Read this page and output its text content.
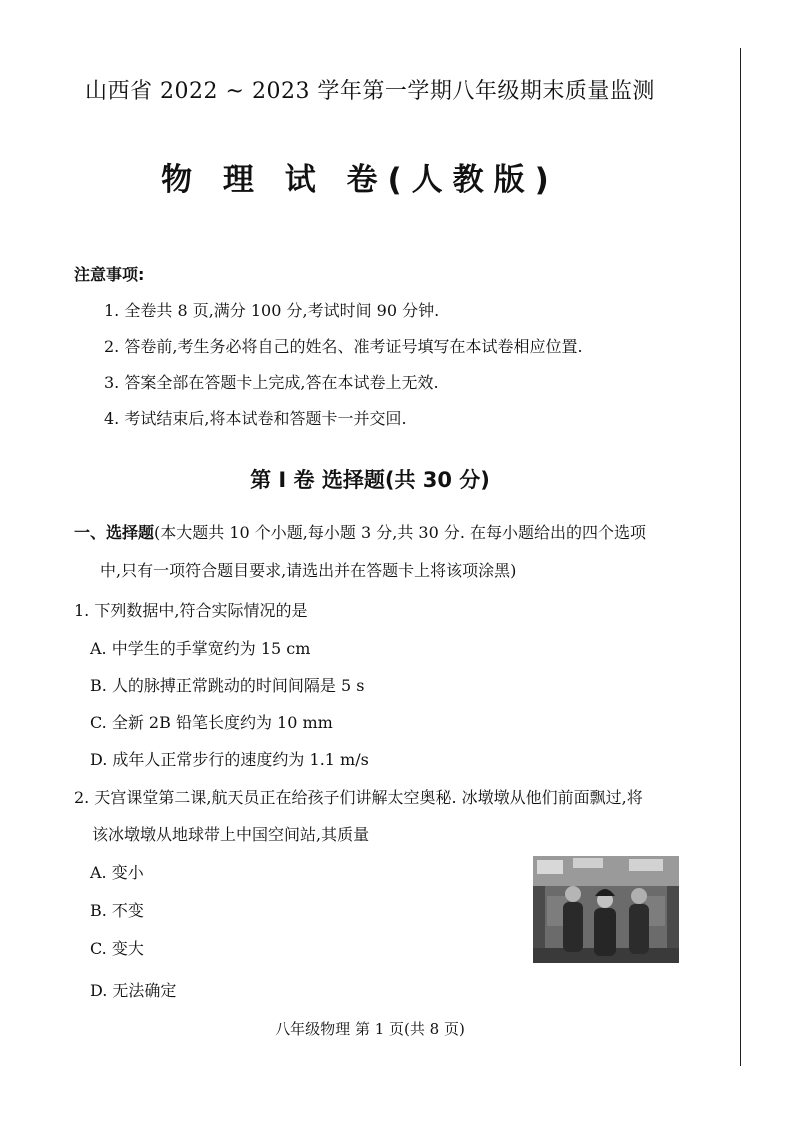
山西省 2022 ~ 2023 学年第一学期八年级期末质量监测
物 理 试 卷(人教版)
注意事项:
1. 全卷共 8 页,满分 100 分,考试时间 90 分钟.
2. 答卷前,考生务必将自己的姓名、准考证号填写在本试卷相应位置.
3. 答案全部在答题卡上完成,答在本试卷上无效.
4. 考试结束后,将本试卷和答题卡一并交回.
第 I 卷 选择题(共 30 分)
一、选择题(本大题共 10 个小题,每小题 3 分,共 30 分. 在每小题给出的四个选项
中,只有一项符合题目要求,请选出并在答题卡上将该项涂黑)
1. 下列数据中,符合实际情况的是
A. 中学生的手掌宽约为 15 cm
B. 人的脉搏正常跳动的时间间隔是 5 s
C. 全新 2B 铅笔长度约为 10 mm
D. 成年人正常步行的速度约为 1.1 m/s
2. 天宫课堂第二课,航天员正在给孩子们讲解太空奥秘. 冰墩墩从他们前面飘过,将
该冰墩墩从地球带上中国空间站,其质量
A. 变小
B. 不变
C. 变大
D. 无法确定
八年级物理 第 1 页(共 8 页)
